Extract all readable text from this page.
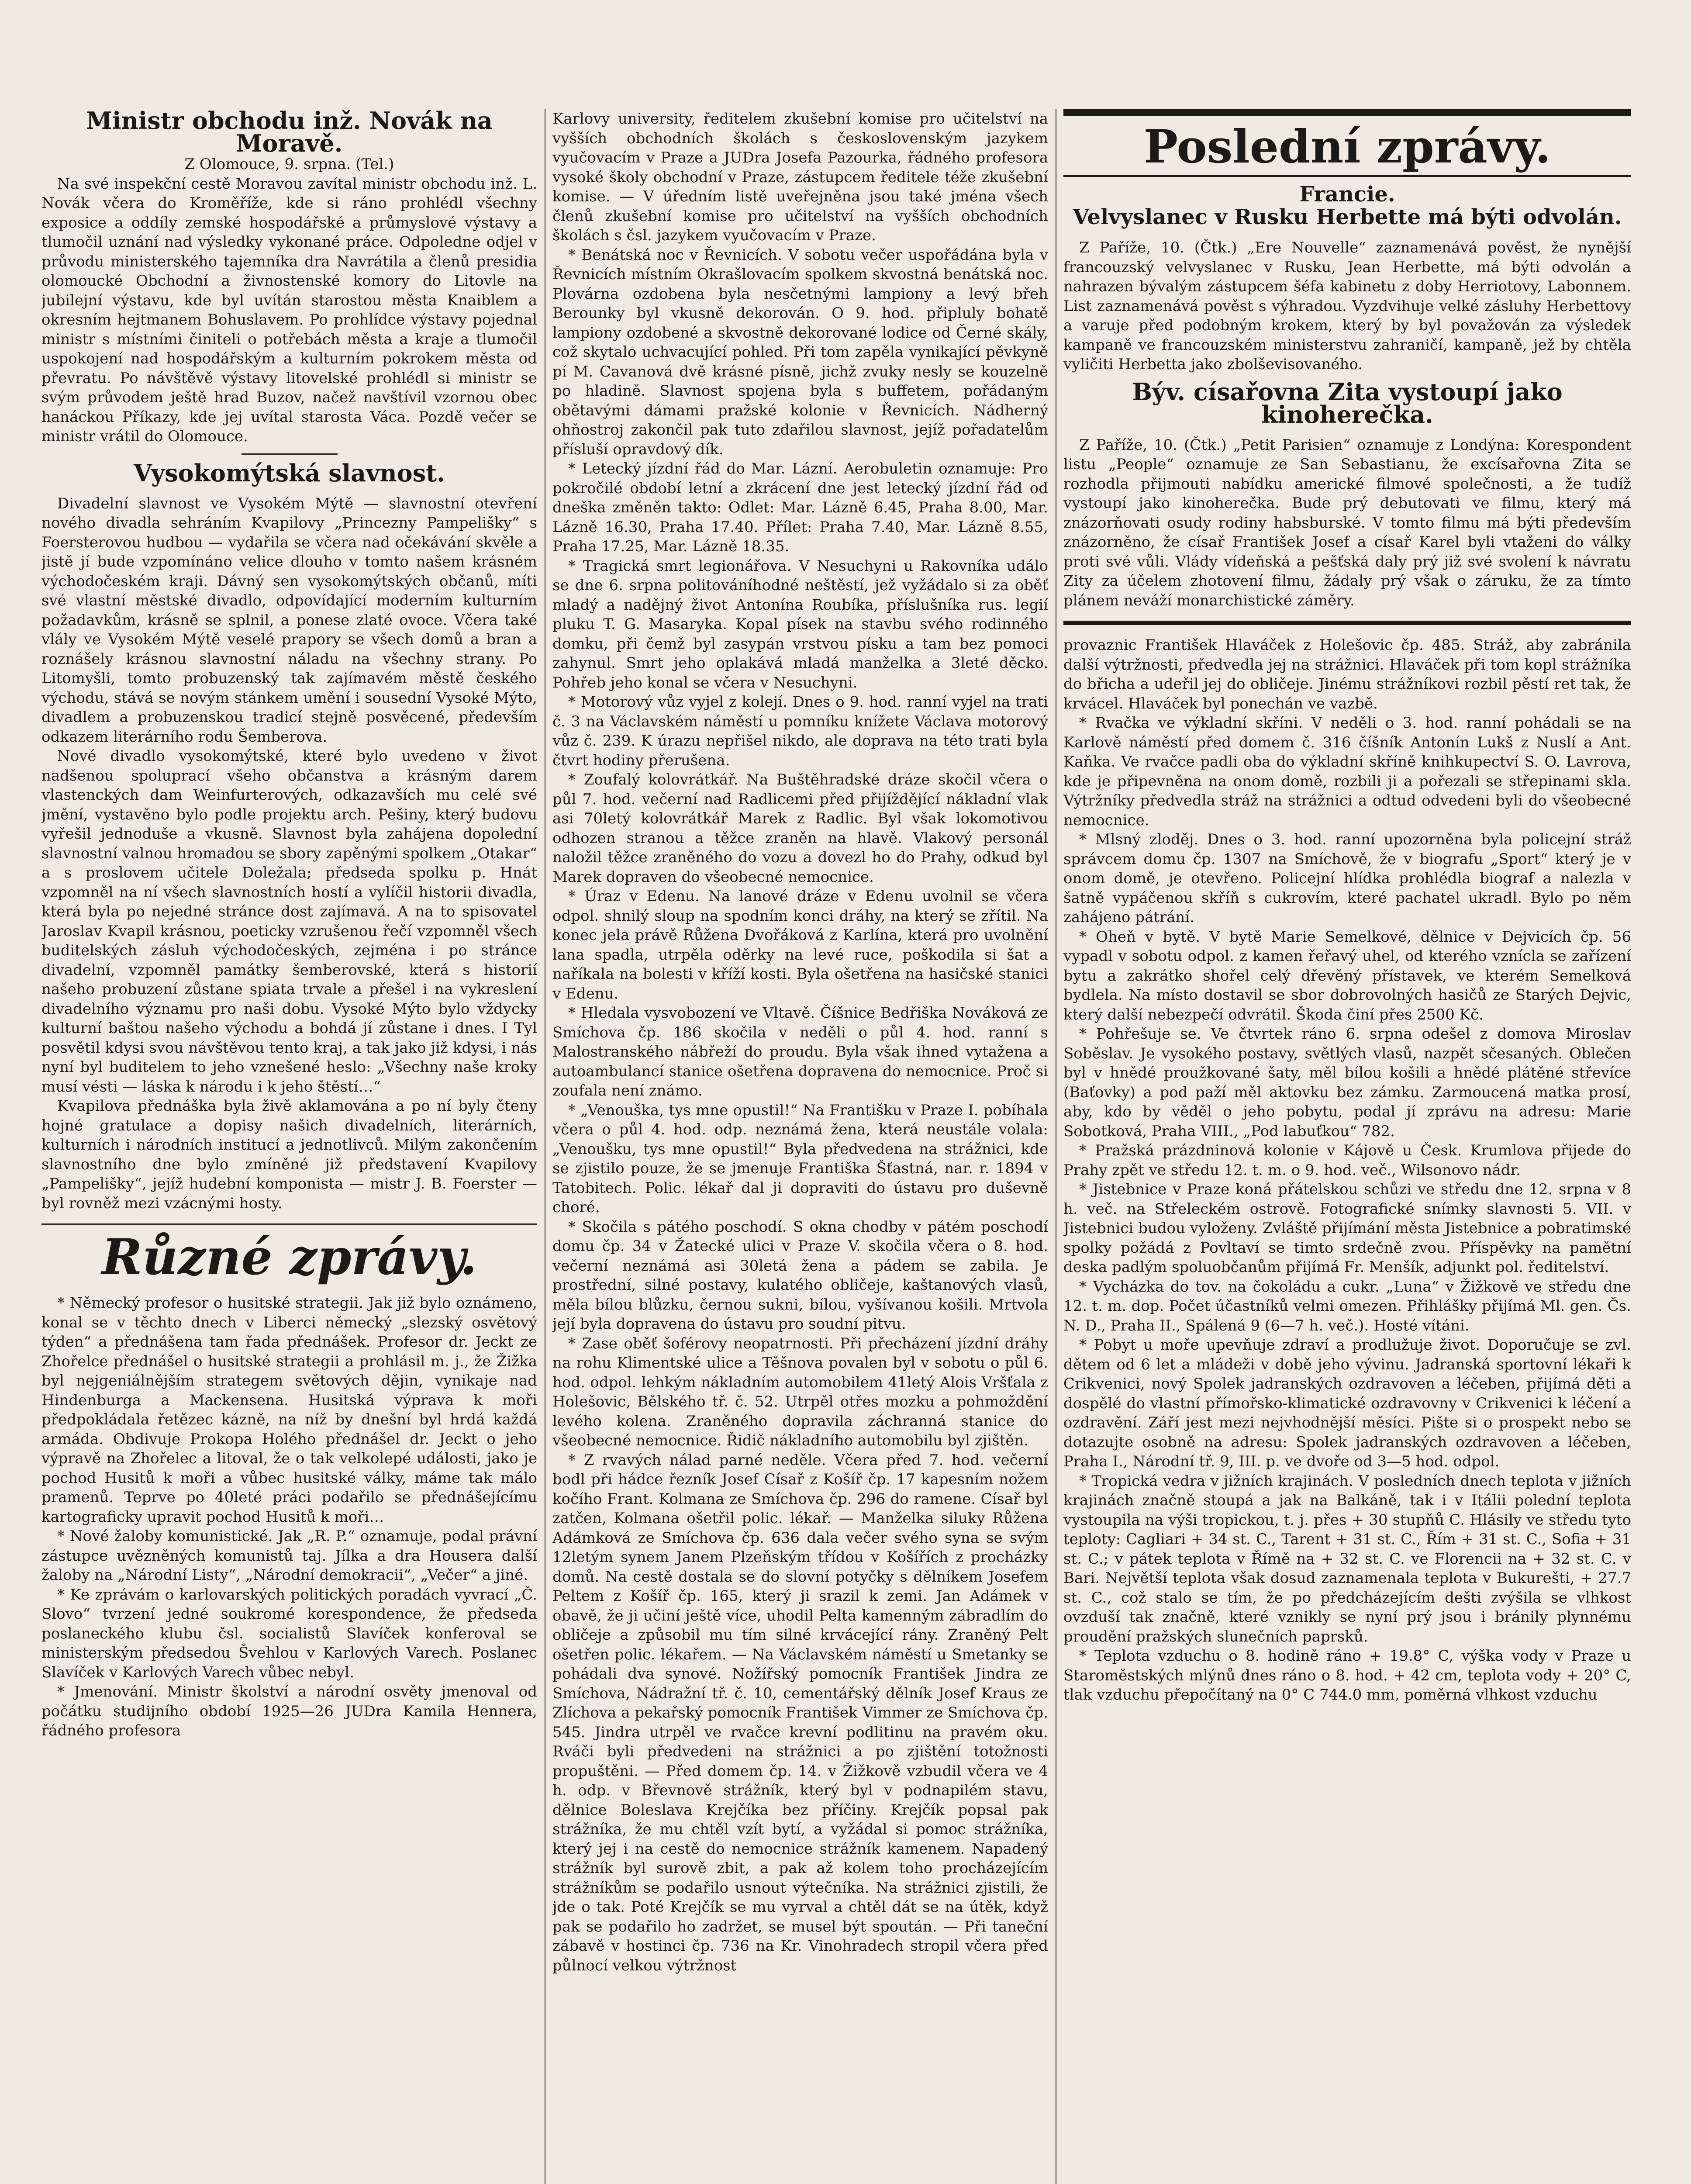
Ministr obchodu inž. Novák na Moravě.

Z Olomouce, 9. srpna. (Tel.)

Na své inspekční cestě Moravou zavítal ministr obchodu inž. L. Novák včera do Kroměříže, kde si ráno prohlédl všechny exposice a oddíly zemské hospodářské a průmyslové výstavy a tlumočil uznání nad výsledky vykonané práce. Odpoledne odjel v průvodu ministerského tajemníka dra Navrátila a členů presidia olomoucké Obchodní a živnostenské komory do Litovle na jubilejní výstavu, kde byl uvítán starostou města Knaiblem a okresním hejtmanem Bohuslavem. Po prohlídce výstavy pojednal ministr s místními činiteli o potřebách města a kraje a tlumočil uspokojení nad hospodářským a kulturním pokrokem města od převratu. Po návštěvě výstavy litovelské prohlédl si ministr se svým průvodem ještě hrad Buzov, načež navštívil vzornou obec hanáckou Příkazy, kde jej uvítal starosta Váca. Pozdě večer se ministr vrátil do Olomouce.

Vysokomýtská slavnost.

Divadelní slavnost ve Vysokém Mýtě — slavnostní otevření nového divadla sehráním Kvapilovy „Princezny Pampelišky“ s Foersterovou hudbou — vydařila se včera nad očekávání skvěle a jistě jí bude vzpomínáno velice dlouho v tomto našem krásném východočeském kraji. Dávný sen vysokomýtských občanů, míti své vlastní městské divadlo, odpovídající moderním kulturním požadavkům, krásně se splnil, a ponese zlaté ovoce. Včera také vlály ve Vysokém Mýtě veselé prapory se všech domů a bran a roznášely krásnou slavnostní náladu na všechny strany. Po Litomyšli, tomto probuzenský tak zajímavém městě českého východu, stává se novým stánkem umění i sousední Vysoké Mýto, divadlem a probuzenskou tradicí stejně posvěcené, především odkazem literárního rodu Šemberova.

Nové divadlo vysokomýtské, které bylo uvedeno v život nadšenou spoluprací všeho občanstva a krásným darem vlastenckých dam Weinfurterových, odkazavších mu celé své jmění, vystavěno bylo podle projektu arch. Pešiny, který budovu vyřešil jednoduše a vkusně. Slavnost byla zahájena dopolední slavnostní valnou hromadou se sbory zapěnými spolkem „Otakar“ a s proslovem učitele Doležala; předseda spolku p. Hnát vzpomněl na ní všech slavnostních hostí a vylíčil historii divadla, která byla po nejedné stránce dost zajímavá. A na to spisovatel Jaroslav Kvapil krásnou, poeticky vzrušenou řečí vzpomněl všech buditelských zásluh východočeských, zejména i po stránce divadelní, vzpomněl památky šemberovské, která s historií našeho probuzení zůstane spiata trvale a přešel i na vykreslení divadelního významu pro naši dobu. Vysoké Mýto bylo vždycky kulturní baštou našeho východu a bohdá jí zůstane i dnes. I Tyl posvětil kdysi svou návštěvou tento kraj, a tak jako již kdysi, i nás nyní byl buditelem to jeho vznešené heslo: „Všechny naše kroky musí vésti — láska k národu i k jeho štěstí…“

Kvapilova přednáška byla živě aklamována a po ní byly čteny hojné gratulace a dopisy našich divadelních, literárních, kulturních i národních institucí a jednotlivců. Milým zakončením slavnostního dne bylo zmíněné již představení Kvapilovy „Pampelišky“, jejíž hudební komponista — mistr J. B. Foerster — byl rovněž mezi vzácnými hosty.

Různé zprávy.

* Německý profesor o husitské strategii. Jak již bylo oznámeno, konal se v těchto dnech v Liberci německý „slezský osvětový týden“ a přednášena tam řada přednášek. Profesor dr. Jeckt ze Zhořelce přednášel o husitské strategii a prohlásil m. j., že Žižka byl nejgeniálnějším strategem světových dějin, vynikaje nad Hindenburga a Mackensena. Husitská výprava k moři předpokládala řetězec kázně, na níž by dnešní byl hrdá každá armáda. Obdivuje Prokopa Holého přednášel dr. Jeckt o jeho výpravě na Zhořelec a litoval, že o tak velkolepé události, jako je pochod Husitů k moři a vůbec husitské války, máme tak málo pramenů. Teprve po 40leté práci podařilo se přednášejícímu kartograficky upravit pochod Husitů k moři…

* Nové žaloby komunistické. Jak „R. P.“ oznamuje, podal právní zástupce uvězněných komunistů taj. Jílka a dra Housera další žaloby na „Národní Listy“, „Národní demokracii“, „Večer“ a jiné.

* Ke zprávám o karlovarských politických poradách vyvrací „Č. Slovo“ tvrzení jedné soukromé korespondence, že předseda poslaneckého klubu čsl. socialistů Slavíček konferoval se ministerským předsedou Švehlou v Karlových Varech. Poslanec Slavíček v Karlových Varech vůbec nebyl.

* Jmenování. Ministr školství a národní osvěty jmenoval od počátku studijního období 1925—26 JUDra Kamila Hennera, řádného profesora

Karlovy university, ředitelem zkušební komise pro učitelství na vyšších obchodních školách s československým jazykem vyučovacím v Praze a JUDra Josefa Pazourka, řádného profesora vysoké školy obchodní v Praze, zástupcem ředitele téže zkušební komise. — V úředním listě uveřejněna jsou také jména všech členů zkušební komise pro učitelství na vyšších obchodních školách s čsl. jazykem vyučovacím v Praze.

* Benátská noc v Řevnicích. V sobotu večer uspořádána byla v Řevnicích místním Okrašlovacím spolkem skvostná benátská noc. Plovárna ozdobena byla nesčetnými lampiony a levý břeh Berounky byl vkusně dekorován. O 9. hod. připluly bohatě lampiony ozdobené a skvostně dekorované lodice od Černé skály, což skytalo uchvacující pohled. Při tom zapěla vynikající pěvkyně pí M. Cavanová dvě krásné písně, jichž zvuky nesly se kouzelně po hladině. Slavnost spojena byla s buffetem, pořádaným obětavými dámami pražské kolonie v Řevnicích. Nádherný ohňostroj zakončil pak tuto zdařilou slavnost, jejíž pořadatelům přísluší opravdový dík.

* Letecký jízdní řád do Mar. Lázní. Aerobuletin oznamuje: Pro pokročilé období letní a zkrácení dne jest letecký jízdní řád od dneška změněn takto: Odlet: Mar. Lázně 6.45, Praha 8.00, Mar. Lázně 16.30, Praha 17.40. Přílet: Praha 7.40, Mar. Lázně 8.55, Praha 17.25, Mar. Lázně 18.35.

* Tragická smrt legionářova. V Nesuchyni u Rakovníka událo se dne 6. srpna politováníhodné neštěstí, jež vyžádalo si za oběť mladý a nadějný život Antonína Roubíka, příslušníka rus. legií pluku T. G. Masaryka. Kopal písek na stavbu svého rodinného domku, při čemž byl zasypán vrstvou písku a tam bez pomoci zahynul. Smrt jeho oplakává mladá manželka a 3leté děcko. Pohřeb jeho konal se včera v Nesuchyni.

* Motorový vůz vyjel z kolejí. Dnes o 9. hod. ranní vyjel na trati č. 3 na Václavském náměstí u pomníku knížete Václava motorový vůz č. 239. K úrazu nepřišel nikdo, ale doprava na této trati byla čtvrt hodiny přerušena.

* Zoufalý kolovrátkář. Na Buštěhradské dráze skočil včera o půl 7. hod. večerní nad Radlicemi před přijíždějící nákladní vlak asi 70letý kolovrátkář Marek z Radlic. Byl však lokomotivou odhozen stranou a těžce zraněn na hlavě. Vlakový personál naložil těžce zraněného do vozu a dovezl ho do Prahy, odkud byl Marek dopraven do všeobecné nemocnice.

* Úraz v Edenu. Na lanové dráze v Edenu uvolnil se včera odpol. shnilý sloup na spodním konci dráhy, na který se zřítil. Na konec jela právě Růžena Dvořáková z Karlína, která pro uvolnění lana spadla, utrpěla oděrky na levé ruce, poškodila si šat a naříkala na bolesti v kříží kosti. Byla ošetřena na hasičské stanici v Edenu.

* Hledala vysvobození ve Vltavě. Číšnice Bedřiška Nováková ze Smíchova čp. 186 skočila v neděli o půl 4. hod. ranní s Malostranského nábřeží do proudu. Byla však ihned vytažena a autoambulancí stanice ošetřena dopravena do nemocnice. Proč si zoufala není známo.

* „Venouška, tys mne opustil!“ Na Františku v Praze I. pobíhala včera o půl 4. hod. odp. neznámá žena, která neustále volala: „Venoušku, tys mne opustil!“ Byla předvedena na strážnici, kde se zjistilo pouze, že se jmenuje Františka Šťastná, nar. r. 1894 v Tatobitech. Polic. lékař dal ji dopraviti do ústavu pro duševně choré.

* Skočila s pátého poschodí. S okna chodby v pátém poschodí domu čp. 34 v Žatecké ulici v Praze V. skočila včera o 8. hod. večerní neznámá asi 30letá žena a pádem se zabila. Je prostřední, silné postavy, kulatého obličeje, kaštanových vlasů, měla bílou blůzku, černou sukni, bílou, vyšívanou košili. Mrtvola její byla dopravena do ústavu pro soudní pitvu.

* Zase oběť šoférovy neopatrnosti. Při přecházení jízdní dráhy na rohu Klimentské ulice a Těšnova povalen byl v sobotu o půl 6. hod. odpol. lehkým nákladním automobilem 41letý Alois Vršťala z Holešovic, Bělského tř. č. 52. Utrpěl otřes mozku a pohmoždění levého kolena. Zraněného dopravila záchranná stanice do všeobecné nemocnice. Řidič nákladního automobilu byl zjištěn.

* Z rvavých nálad parné neděle. Včera před 7. hod. večerní bodl při hádce řezník Josef Císař z Košíř čp. 17 kapesním nožem kočího Frant. Kolmana ze Smíchova čp. 296 do ramene. Císař byl zatčen, Kolmana ošetřil polic. lékař. — Manželka siluky Růžena Adámková ze Smíchova čp. 636 dala večer svého syna se svým 12letým synem Janem Plzeňským třídou v Košířích z procházky domů. Na cestě dostala se do slovní potyčky s dělníkem Josefem Peltem z Košíř čp. 165, který ji srazil k zemi. Jan Adámek v obavě, že ji učiní ještě více, uhodil Pelta kamenným zábradlím do obličeje a způsobil mu tím silné krvácející rány. Zraněný Pelt ošetřen polic. lékařem. — Na Václavském náměstí u Smetanky se pohádali dva synové. Nožířský pomocník František Jindra ze Smíchova, Nádražní tř. č. 10, cementářský dělník Josef Kraus ze Zlíchova a pekařský pomocník František Vimmer ze Smíchova čp. 545. Jindra utrpěl ve rvačce krevní podlitinu na pravém oku. Rváči byli předvedeni na strážnici a po zjištění totožnosti propuštěni. — Před domem čp. 14. v Žižkově vzbudil včera ve 4 h. odp. v Břevnově strážník, který byl v podnapilém stavu, dělnice Boleslava Krejčíka bez příčiny. Krejčík popsal pak strážníka, že mu chtěl vzít bytí, a vyžádal si pomoc strážníka, který jej i na cestě do nemocnice strážník kamenem. Napadený strážník byl surově zbit, a pak až kolem toho procházejícím strážníkům se podařilo usnout výtečníka. Na strážnici zjistili, že jde o tak. Poté Krejčík se mu vyrval a chtěl dát se na útěk, když pak se podařilo ho zadržet, se musel být spoután. — Při taneční zábavě v hostinci čp. 736 na Kr. Vinohradech stropil včera před půlnocí velkou výtržnost

Poslední zprávy.
Francie.
Velvyslanec v Rusku Herbette má býti odvolán.

Z Paříže, 10. (Čtk.) „Ere Nouvelle“ zaznamenává pověst, že nynější francouzský velvyslanec v Rusku, Jean Herbette, má býti odvolán a nahrazen bývalým zástupcem šéfa kabinetu z doby Herriotovy, Labonnem. List zaznamenává pověst s výhradou. Vyzdvihuje velké zásluhy Herbettovy a varuje před podobným krokem, který by byl považován za výsledek kampaně ve francouzském ministerstvu zahraničí, kampaně, jež by chtěla vyličiti Herbetta jako zbolševisovaného.

Býv. císařovna Zita vystoupí jako kinoherečka.

Z Paříže, 10. (Čtk.) „Petit Parisien“ oznamuje z Londýna: Korespondent listu „People“ oznamuje ze San Sebastianu, že excísařovna Zita se rozhodla přijmouti nabídku americké filmové společnosti, a že tudíž vystoupí jako kinoherečka. Bude prý debutovati ve filmu, který má znázorňovati osudy rodiny habsburské. V tomto filmu má býti především znázorněno, že císař František Josef a císař Karel byli vtaženi do války proti své vůli. Vlády vídeňská a pešťská daly prý již své svolení k návratu Zity za účelem zhotovení filmu, žádaly prý však o záruku, že za tímto plánem neváží monarchistické záměry.

provaznic František Hlaváček z Holešovic čp. 485. Stráž, aby zabránila další výtržnosti, předvedla jej na strážnici. Hlaváček při tom kopl strážníka do břicha a udeřil jej do obličeje. Jinému strážníkovi rozbil pěstí ret tak, že krvácel. Hlaváček byl ponechán ve vazbě.

* Rvačka ve výkladní skříni. V neděli o 3. hod. ranní pohádali se na Karlově náměstí před domem č. 316 číšník Antonín Lukš z Nuslí a Ant. Kaňka. Ve rvačce padli oba do výkladní skříně knihkupectví S. O. Lavrova, kde je připevněna na onom domě, rozbili ji a pořezali se střepinami skla. Výtržníky předvedla stráž na strážnici a odtud odvedeni byli do všeobecné nemocnice.

* Mlsný zloděj. Dnes o 3. hod. ranní upozorněna byla policejní stráž správcem domu čp. 1307 na Smíchově, že v biografu „Sport“ který je v onom domě, je otevřeno. Policejní hlídka prohlédla biograf a nalezla v šatně vypáčenou skříň s cukrovím, které pachatel ukradl. Bylo po něm zahájeno pátrání.

* Oheň v bytě. V bytě Marie Semelkové, dělnice v Dejvicích čp. 56 vypadl v sobotu odpol. z kamen řeřavý uhel, od kterého vznícla se zařízení bytu a zakrátko shořel celý dřevěný přístavek, ve kterém Semelková bydlela. Na místo dostavil se sbor dobrovolných hasičů ze Starých Dejvic, který další nebezpečí odvrátil. Škoda činí přes 2500 Kč.

* Pohřešuje se. Ve čtvrtek ráno 6. srpna odešel z domova Miroslav Soběslav. Je vysokého postavy, světlých vlasů, nazpět sčesaných. Oblečen byl v hnědé proužkované šaty, měl bílou košili a hnědé plátěné střevíce (Baťovky) a pod paží měl aktovku bez zámku. Zarmoucená matka prosí, aby, kdo by věděl o jeho pobytu, podal jí zprávu na adresu: Marie Sobotková, Praha VIII., „Pod labuťkou“ 782.

* Pražská prázdninová kolonie v Kájově u Česk. Krumlova přijede do Prahy zpět ve středu 12. t. m. o 9. hod. več., Wilsonovo nádr.

* Jistebnice v Praze koná přátelskou schůzi ve středu dne 12. srpna v 8 h. več. na Střeleckém ostrově. Fotografické snímky slavnosti 5. VII. v Jistebnici budou vyloženy. Zvláště přijímání města Jistebnice a pobratimské spolky požádá z Povltaví se timto srdečně zvou. Příspěvky na pamětní deska padlým spoluobčanům přijímá Fr. Menšík, adjunkt pol. ředitelství.

* Vycházka do tov. na čokoládu a cukr. „Luna“ v Žižkově ve středu dne 12. t. m. dop. Počet účastníků velmi omezen. Přihlášky přijímá Ml. gen. Čs. N. D., Praha II., Spálená 9 (6—7 h. več.). Hosté vítáni.

* Pobyt u moře upevňuje zdraví a prodlužuje život. Doporučuje se zvl. dětem od 6 let a mládeži v době jeho vývinu. Jadranská sportovní lékaři k Crikvenici, nový Spolek jadranských ozdravoven a léčeben, přijímá děti a dospělé do vlastní přímořsko-klimatické ozdravovny v Crikvenici k léčení a ozdravění. Září jest mezi nejvhodnější měsíci. Pište si o prospekt nebo se dotazujte osobně na adresu: Spolek jadranských ozdravoven a léčeben, Praha I., Národní tř. 9, III. p. ve dvoře od 3—5 hod. odpol.

* Tropická vedra v jižních krajinách. V posledních dnech teplota v jižních krajinách značně stoupá a jak na Balkáně, tak i v Itálii polední teplota vystoupila na výši tropickou, t. j. přes + 30 stupňů C. Hlásily ve středu tyto teploty: Cagliari + 34 st. C., Tarent + 31 st. C., Řím + 31 st. C., Sofia + 31 st. C.; v pátek teplota v Římě na + 32 st. C. ve Florencii na + 32 st. C. v Bari. Největší teplota však dosud zaznamenala teplota v Bukurešti, + 27.7 st. C., což stalo se tím, že po předcházejícím dešti zvýšila se vlhkost ovzduší tak značně, které vznikly se nyní prý jsou i bránily plynnému proudění pražských slunečních paprsků.

* Teplota vzduchu o 8. hodině ráno + 19.8° C, výška vody v Praze u Staroměstských mlýnů dnes ráno o 8. hod. + 42 cm, teplota vody + 20° C, tlak vzduchu přepočítaný na 0° C 744.0 mm, poměrná vlhkost vzduchu
